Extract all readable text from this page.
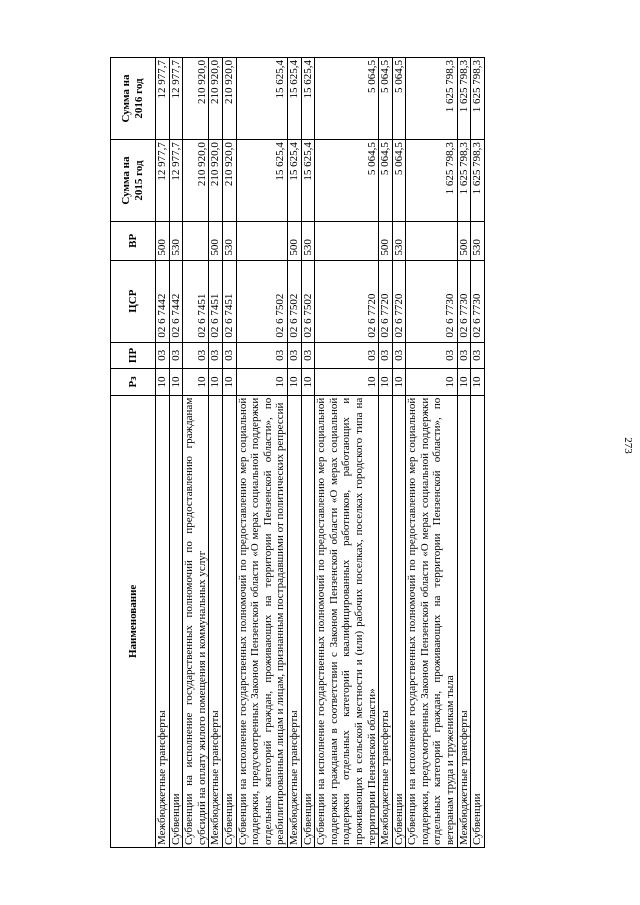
273
Наименование	Рз	ПР	ЦСР	ВР	Сумма на
2015 год	Сумма на
2016 год
Межбюджетные трансферты	10	03	02 6 7442	500	12 977,7	12 977,7
Субвенции	10	03	02 6 7442	530	12 977,7	12 977,7
Субвенции на исполнение государственных полномочий по предоставлению гражданам субсидий на оплату жилого помещения и коммунальных услуг	10	03	02 6 7451		210 920,0	210 920,0
Межбюджетные трансферты	10	03	02 6 7451	500	210 920,0	210 920,0
Субвенции	10	03	02 6 7451	530	210 920,0	210 920,0
Субвенции на исполнение государственных полномочий по предоставлению мер социальной поддержки, предусмотренных Законом Пензенской области «О мерах социальной поддержки отдельных категорий граждан, проживающих на территории Пензенской области», по реабилитированным лицам и лицам, признанным пострадавшими от политических репрессий	10	03	02 6 7502		15 625,4	15 625,4
Межбюджетные трансферты	10	03	02 6 7502	500	15 625,4	15 625,4
Субвенции	10	03	02 6 7502	530	15 625,4	15 625,4
Субвенции на исполнение государственных полномочий по предоставлению мер социальной поддержки гражданам в соответствии с Законом Пензенской области «О мерах социальной поддержки отдельных категорий квалифицированных работников, работающих и проживающих в сельской местности и (или) рабочих поселках, поселках городского типа на территории Пензенской области»	10	03	02 6 7720		5 064,5	5 064,5
Межбюджетные трансферты	10	03	02 6 7720	500	5 064,5	5 064,5
Субвенции	10	03	02 6 7720	530	5 064,5	5 064,5
Субвенции на исполнение государственных полномочий по предоставлению мер социальной поддержки, предусмотренных Законом Пензенской области «О мерах социальной поддержки отдельных категорий граждан, проживающих на территории Пензенской области», по ветеранам труда и труженикам тыла	10	03	02 6 7730		1 625 798,3	1 625 798,3
Межбюджетные трансферты	10	03	02 6 7730	500	1 625 798,3	1 625 798,3
Субвенции	10	03	02 6 7730	530	1 625 798,3	1 625 798,3
